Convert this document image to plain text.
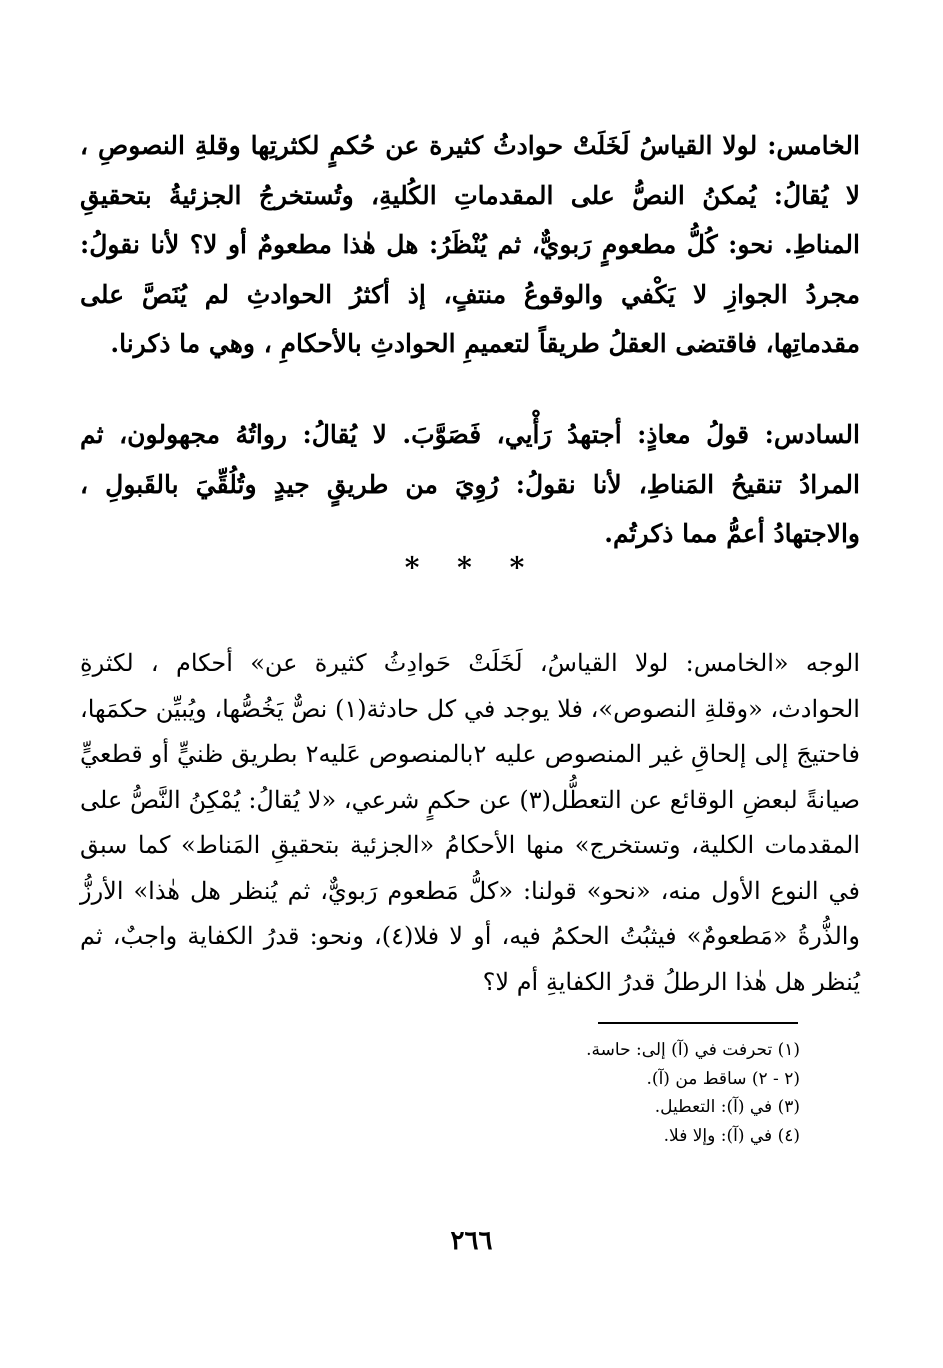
الخامس: لولا القياسُ لَخَلَتْ حوادثُ كثيرة عن حُكمٍ لكثرتِها وقلةِ النصوصِ ، لا يُقالُ: يُمكنُ النصُّ على المقدماتِ الكُليةِ، وتُستخرجُ الجزئيةُ بتحقيقِ المناطِ. نحو: كُلُّ مطعومٍ رَبويٌّ، ثم يُنْظَرُ: هل هٰذا مطعومٌ أو لا؟ لأنا نقولُ: مجردُ الجوازِ لا يَكْفي والوقوعُ منتفٍ، إذ أكثرُ الحوادثِ لم يُنَصَّ على مقدماتِها، فاقتضى العقلُ طريقاً لتعميمِ الحوادثِ بالأحكامِ ، وهي ما ذكرنا.

السادس: قولُ معاذٍ: أجتهدُ رَأْيي، فَصَوَّبَ. لا يُقالُ: رواتُهُ مجهولون، ثم المرادُ تنقيحُ المَناطِ، لأنا نقولُ: رُوِيَ من طريقٍ جيدٍ وتُلُقِّيَ بالقَبولِ ، والاجتهادُ أعمُّ مما ذكرتُم.

* * *

الوجه «الخامس: لولا القياسُ، لَخَلَتْ حَوادِثُ كثيرة عن» أحكام ، لكثرةِ الحوادث، «وقلةِ النصوص»، فلا يوجد في كل حادثة(١) نصٌّ يَخُصُّها، ويُبيِّن حكمَها، فاحتيجَ إلى إلحاقِ غير المنصوص عليه ٢بالمنصوص عَليه٢ بطريق ظنيٍّ أو قطعيٍّ صيانةً لبعضِ الوقائع عن التعطُّل(٣) عن حكمٍ شرعي، «لا يُقالُ: يُمْكِنُ النَّصُّ على المقدمات الكلية، وتستخرج» منها الأحكامُ «الجزئية بتحقيقِ المَناط» كما سبق في النوع الأول منه، «نحو» قولنا: «كلُّ مَطعوم رَبويٌّ، ثم يُنظر هل هٰذا» الأرزُّ والذُّرةُ «مَطعومٌ» فيثبُتُ الحكمُ فيه، أو لا فلا(٤)، ونحو: قدرُ الكفاية واجبٌ، ثم يُنظر هل هٰذا الرطلُ قدرُ الكفايةِ أم لا؟

(١) تحرفت في (آ) إلى: حاسة.
(٢ - ٢) ساقط من (آ).
(٣) في (آ): التعطيل.
(٤) في (آ): وإلا فلا.
٢٦٦
